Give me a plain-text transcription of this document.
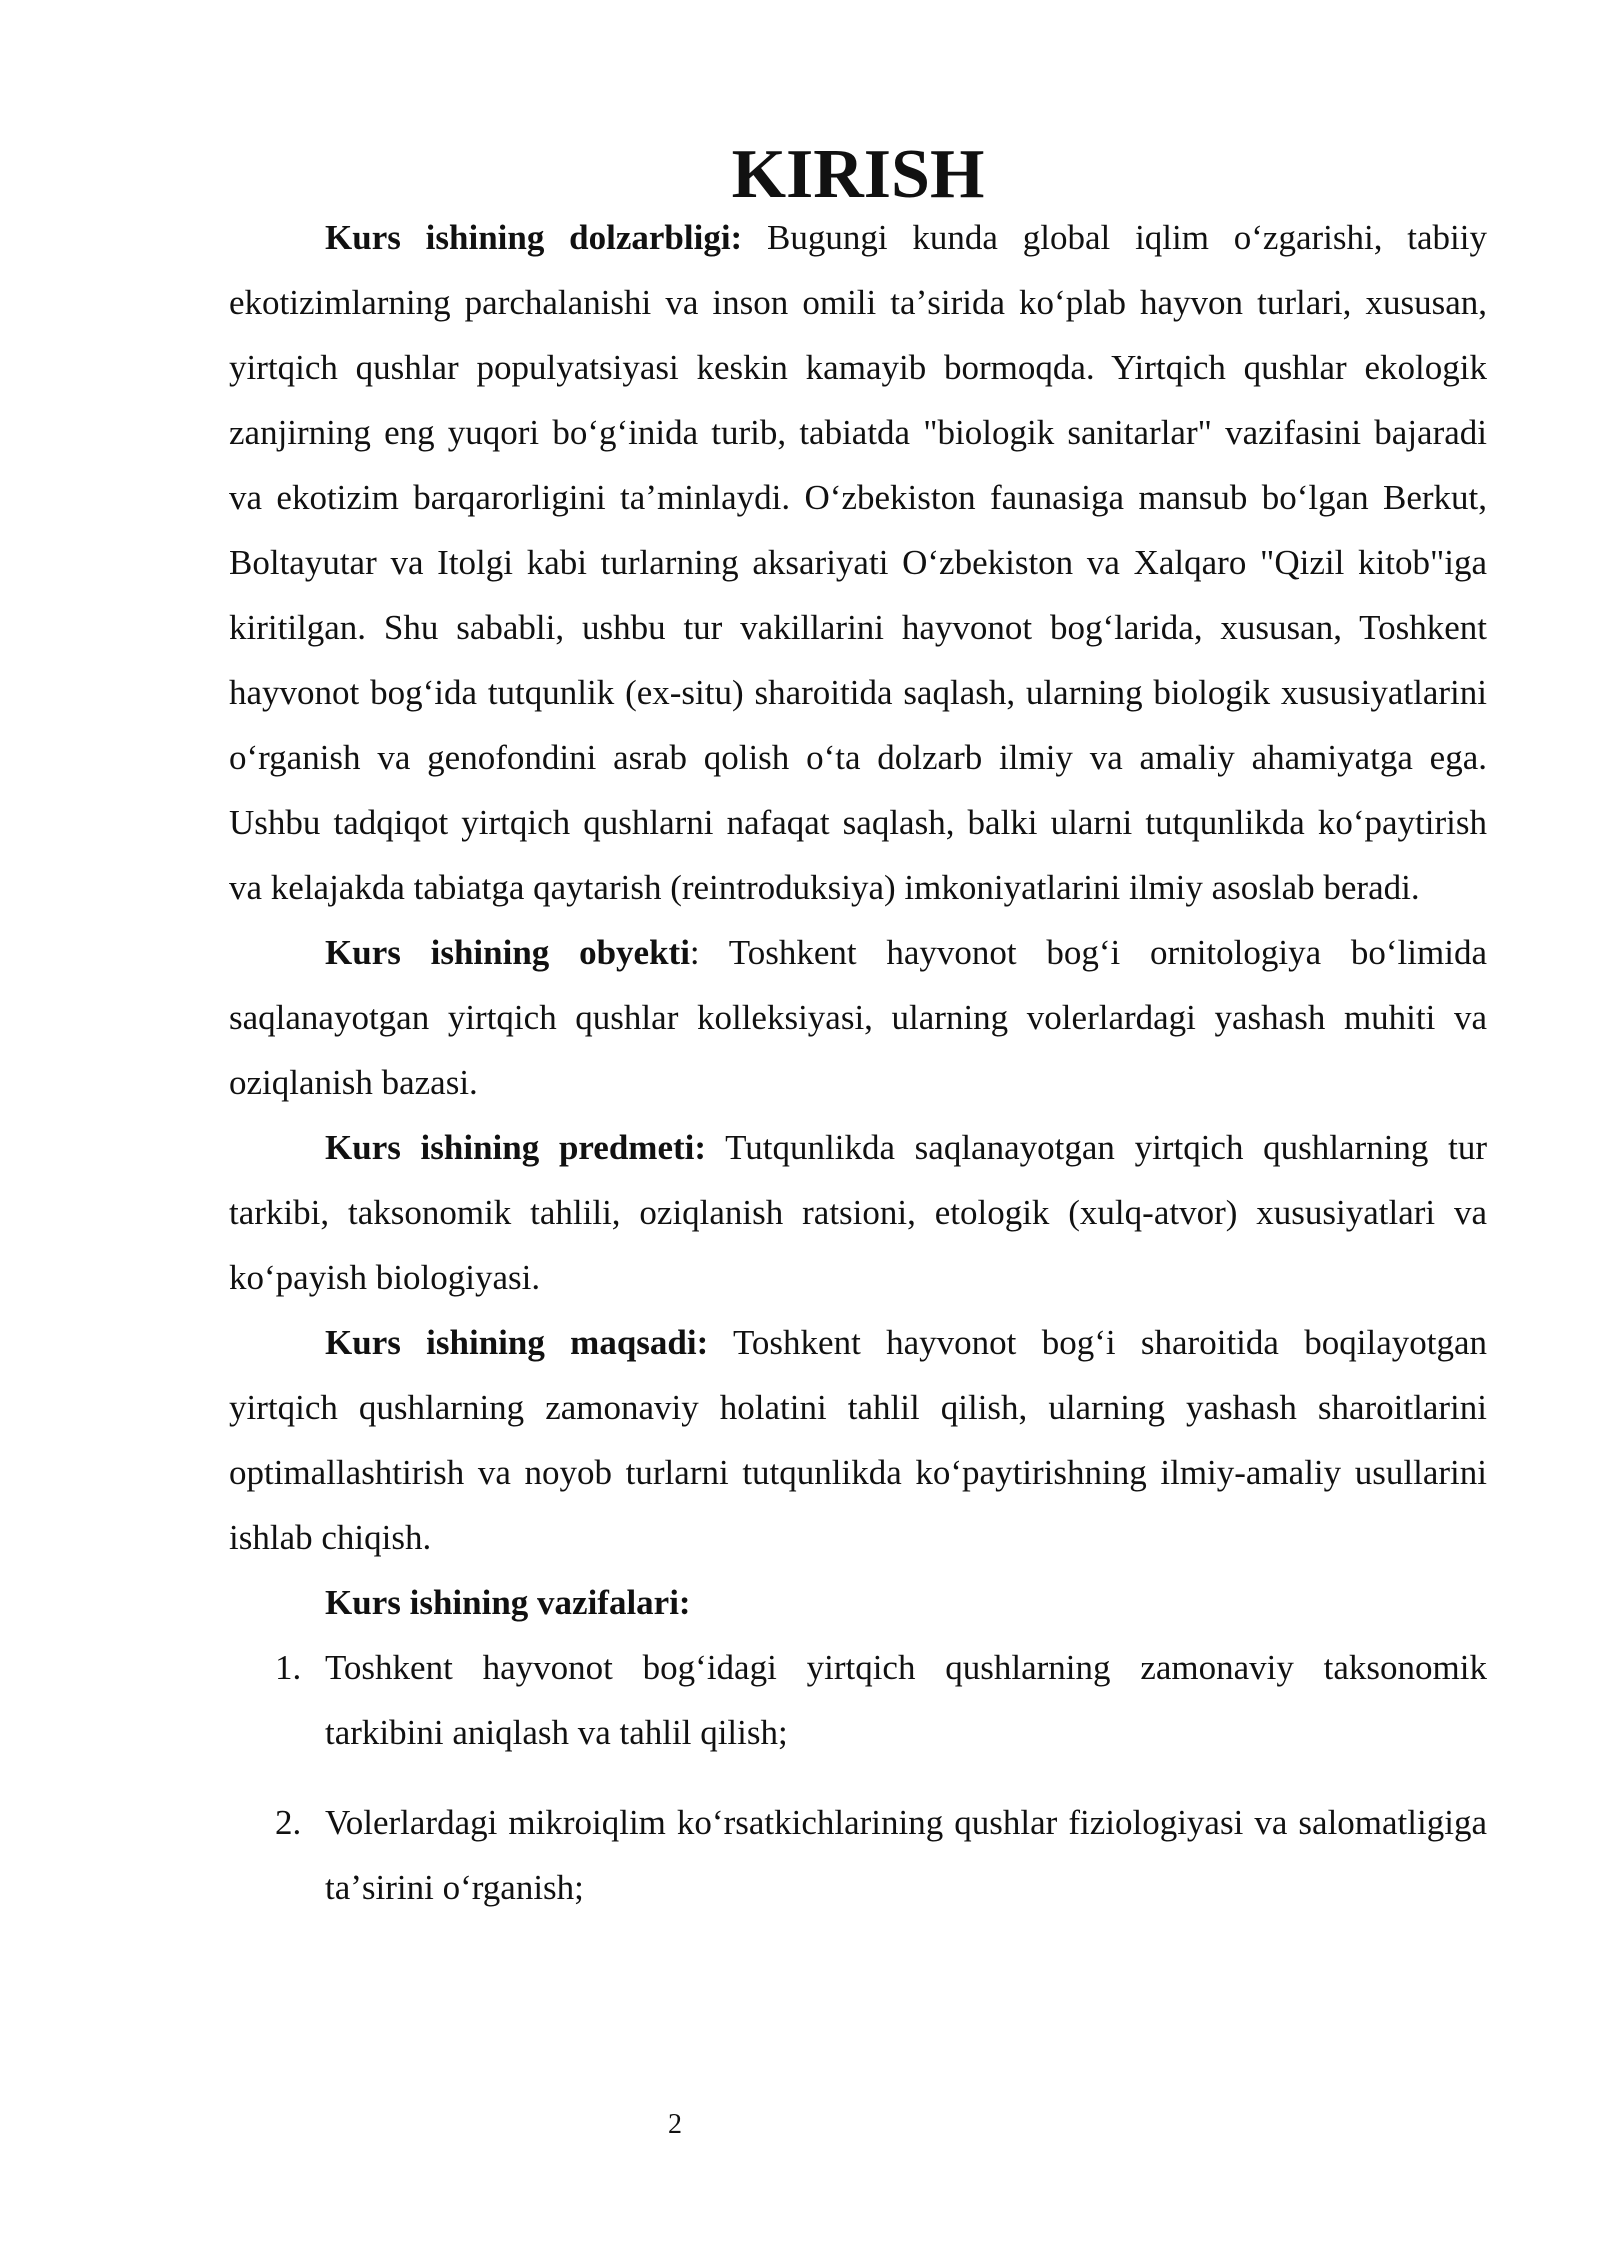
KIRISH

Kurs ishining dolzarbligi: Bugungi kunda global iqlim oʻzgarishi, tabiiy ekotizimlarning parchalanishi va inson omili taʼsirida koʻplab hayvon turlari, xususan, yirtqich qushlar populyatsiyasi keskin kamayib bormoqda. Yirtqich qushlar ekologik zanjirning eng yuqori boʻgʻinida turib, tabiatda "biologik sanitarlar" vazifasini bajaradi va ekotizim barqarorligini taʼminlaydi. Oʻzbekiston faunasiga mansub boʻlgan Berkut, Boltayutar va Itolgi kabi turlarning aksariyati Oʻzbekiston va Xalqaro "Qizil kitob"iga kiritilgan. Shu sababli, ushbu tur vakillarini hayvonot bogʻlarida, xususan, Toshkent hayvonot bogʻida tutqunlik (ex-situ) sharoitida saqlash, ularning biologik xususiyatlarini oʻrganish va genofondini asrab qolish oʻta dolzarb ilmiy va amaliy ahamiyatga ega. Ushbu tadqiqot yirtqich qushlarni nafaqat saqlash, balki ularni tutqunlikda koʻpaytirish va kelajakda tabiatga qaytarish (reintroduksiya) imkoniyatlarini ilmiy asoslab beradi.

Kurs ishining obyekti: Toshkent hayvonot bogʻi ornitologiya boʻlimida saqlanayotgan yirtqich qushlar kolleksiyasi, ularning volerlardagi yashash muhiti va oziqlanish bazasi.

Kurs ishining predmeti: Tutqunlikda saqlanayotgan yirtqich qushlarning tur tarkibi, taksonomik tahlili, oziqlanish ratsioni, etologik (xulq-atvor) xususiyatlari va koʻpayish biologiyasi.

Kurs ishining maqsadi: Toshkent hayvonot bogʻi sharoitida boqilayotgan yirtqich qushlarning zamonaviy holatini tahlil qilish, ularning yashash sharoitlarini optimallashtirish va noyob turlarni tutqunlikda koʻpaytirishning ilmiy-amaliy usullarini ishlab chiqish.

Kurs ishining vazifalari:

1. Toshkent hayvonot bogʻidagi yirtqich qushlarning zamonaviy taksonomik tarkibini aniqlash va tahlil qilish;
2. Volerlardagi mikroiqlim koʻrsatkichlarining qushlar fiziologiyasi va salomatligiga taʼsirini oʻrganish;
2
